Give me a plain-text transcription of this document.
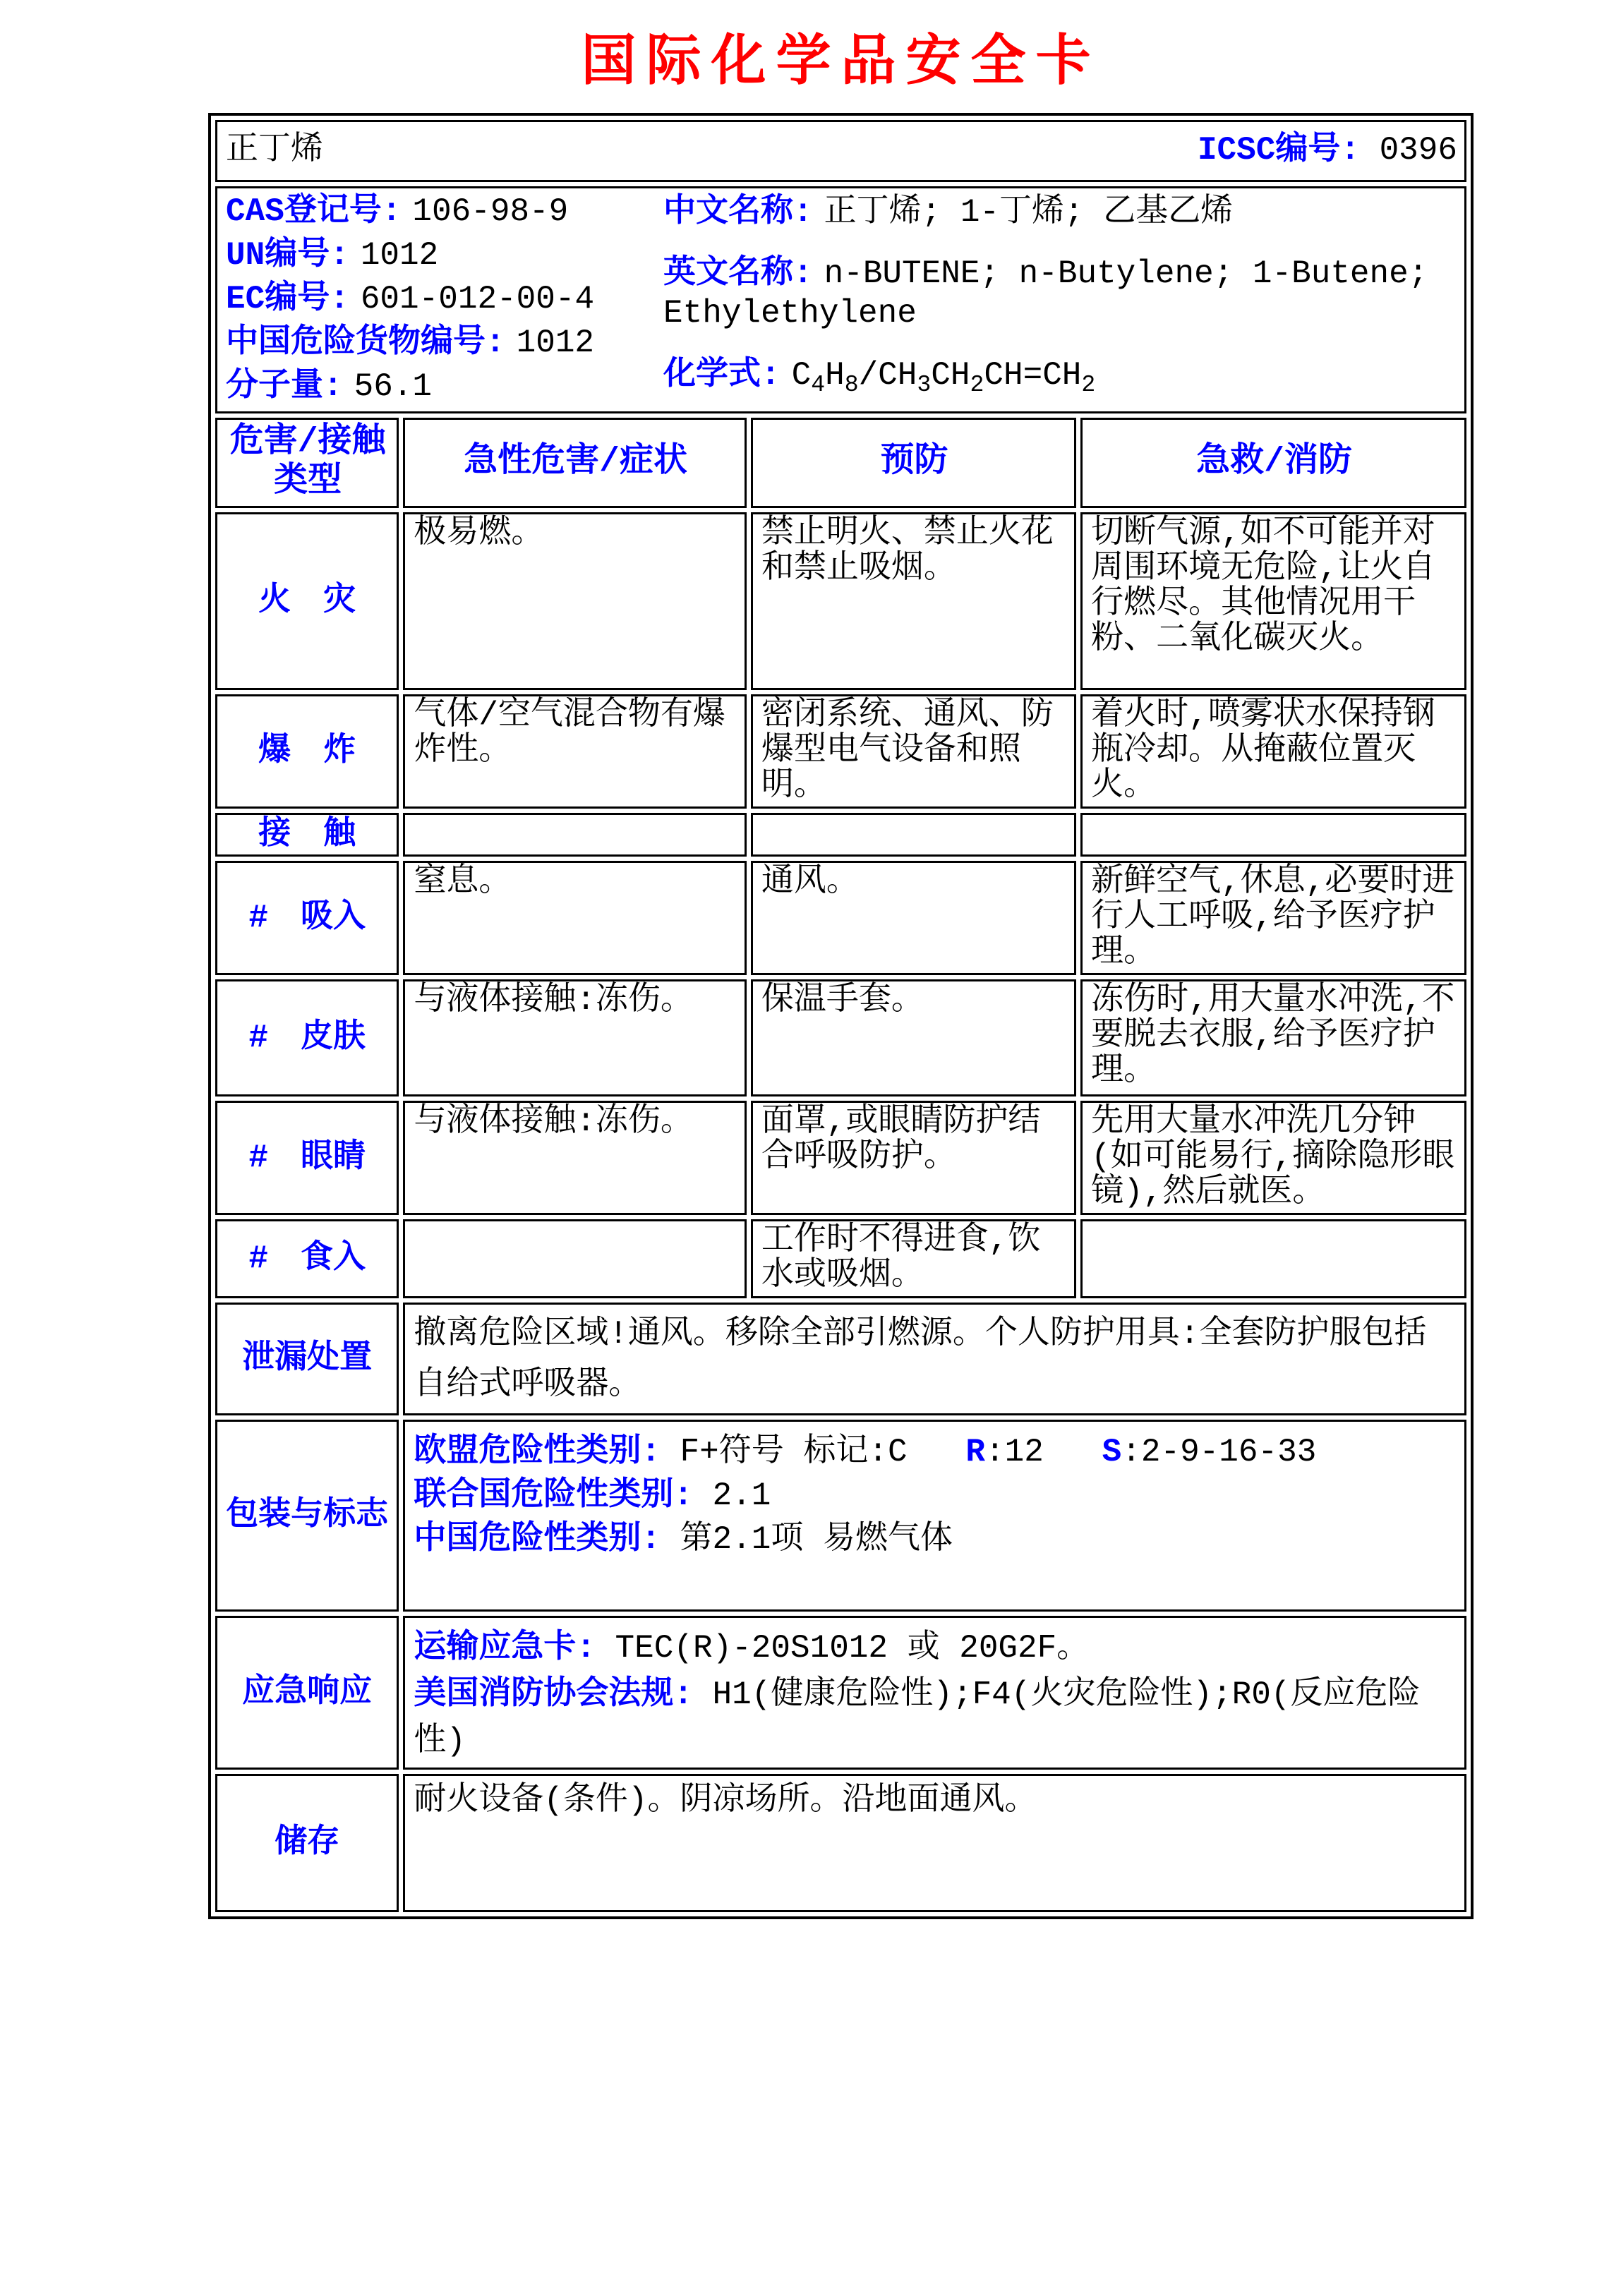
国际化学品安全卡
正丁烯 ICSC编号: 0396			

CAS登记号: 106-98-9
UN编号: 1012
EC编号: 601-012-00-4
中国危险货物编号: 1012
分子量: 56.1
中文名称: 正丁烯; 1-丁烯; 乙基乙烯
英文名称: n-BUTENE; n-Butylene; 1-Butene; Ethylethylene
化学式: $C_4H_8/CH_3CH_2CH=CH_2$

危害/接触类型	急性危害/症状	预防	急救/消防
火　灾	极易燃。	禁止明火、禁止火花和禁止吸烟。	切断气源,如不可能并对周围环境无危险,让火自行燃尽。其他情况用干粉、二氧化碳灭火。
爆　炸	气体/空气混合物有爆炸性。	密闭系统、通风、防爆型电气设备和照明。	着火时,喷雾状水保持钢瓶冷却。从掩蔽位置灭火。
接　触			
#　吸入	窒息。	通风。	新鲜空气,休息,必要时进行人工呼吸,给予医疗护理。
#　皮肤	与液体接触:冻伤。	保温手套。	冻伤时,用大量水冲洗,不要脱去衣服,给予医疗护理。
#　眼睛	与液体接触:冻伤。	面罩,或眼睛防护结合呼吸防护。	先用大量水冲洗几分钟(如可能易行,摘除隐形眼镜),然后就医。
#　食入		工作时不得进食,饮水或吸烟。	
泄漏处置	撤离危险区域!通风。移除全部引燃源。个人防护用具:全套防护服包括自给式呼吸器。		

包装与标志	欧盟危险性类别: F+符号 标记:C   R:12   S:2-9-16-33
联合国危险性类别: 2.1
中国危险性类别: 第2.1项 易燃气体		

应急响应	运输应急卡: TEC(R)-20S1012 或 20G2F。
美国消防协会法规: H1(健康危险性);F4(火灾危险性);R0(反应危险性)		

储存	耐火设备(条件)。阴凉场所。沿地面通风。		
